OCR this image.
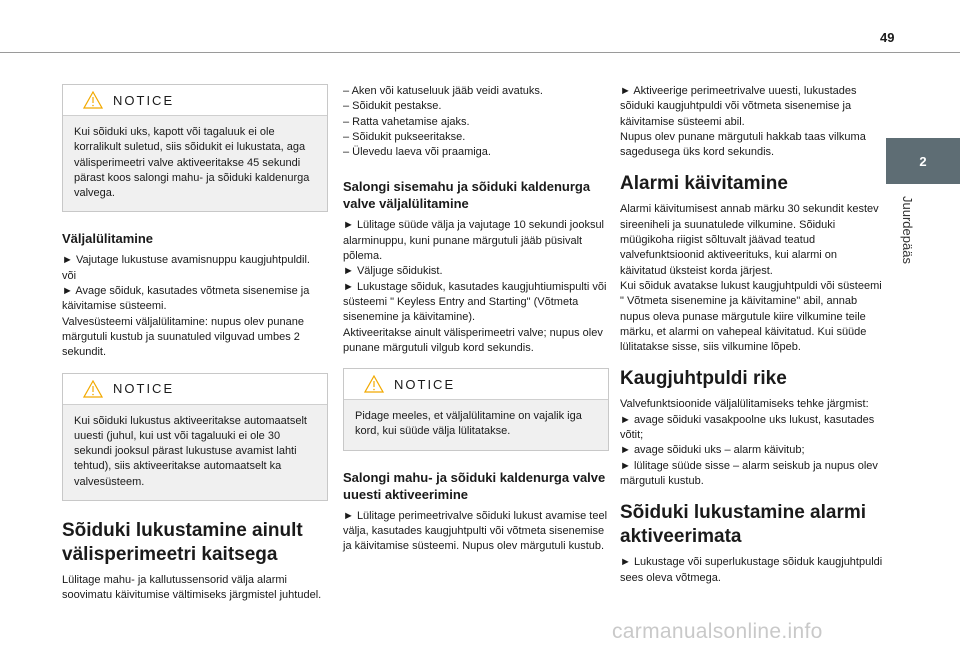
49
2
Juurdepääs
NOTICE

Kui sõiduki uks, kapott või tagaluuk ei ole korralikult suletud, siis sõidukit ei lukustata, aga välisperimeetri valve aktiveeritakse 45 sekundi pärast koos salongi mahu- ja sõiduki kaldenurga valvega.

Väljalülitamine

► Vajutage lukustuse avamisnuppu kaugjuhtpuldil.

või

► Avage sõiduk, kasutades võtmeta sisenemise ja käivitamise süsteemi.

Valvesüsteemi väljalülitamine: nupus olev punane märgutuli kustub ja suunatuled vilguvad umbes 2 sekundit.

NOTICE

Kui sõiduki lukustus aktiveeritakse automaatselt uuesti (juhul, kui ust või tagaluuki ei ole 30 sekundi jooksul pärast lukustuse avamist lahti tehtud), siis aktiveeritakse automaatselt ka valvesüsteem.

Sõiduki lukustamine ainult välisperimeetri kaitsega

Lülitage mahu- ja kallutussensorid välja alarmi soovimatu käivitumise vältimiseks järgmistel juhtudel.

– Aken või katuseluuk jääb veidi avatuks.

– Sõidukit pestakse.

– Ratta vahetamise ajaks.

– Sõidukit pukseeritakse.

– Ülevedu laeva või praamiga.

Salongi sisemahu ja sõiduki kaldenurga valve väljalülitamine

► Lülitage süüde välja ja vajutage 10 sekundi jooksul alarminuppu, kuni punane märgutuli jääb püsivalt põlema.

► Väljuge sõidukist.

► Lukustage sõiduk, kasutades kaugjuhtiumispulti või süsteemi " Keyless Entry and Starting" (Võtmeta sisenemine ja käivitamine).

Aktiveeritakse ainult välisperimeetri valve; nupus olev punane märgutuli vilgub kord sekundis.

NOTICE

Pidage meeles, et väljalülitamine on vajalik iga kord, kui süüde välja lülitatakse.

Salongi mahu- ja sõiduki kaldenurga valve uuesti aktiveerimine

► Lülitage perimeetrivalve sõiduki lukust avamise teel välja, kasutades kaugjuhtpulti või võtmeta sisenemise ja käivitamise süsteemi. Nupus olev märgutuli kustub.

► Aktiveerige perimeetrivalve uuesti, lukustades sõiduki kaugjuhtpuldi või võtmeta sisenemise ja käivitamise süsteemi abil.

Nupus olev punane märgutuli hakkab taas vilkuma sagedusega üks kord sekundis.

Alarmi käivitamine

Alarmi käivitumisest annab märku 30 sekundit kestev sireeniheli ja suunatulede vilkumine. Sõiduki müügikoha riigist sõltuvalt jäävad teatud valvefunktsioonid aktiveerituks, kui alarmi on käivitatud üksteist korda järjest.

Kui sõiduk avatakse lukust kaugjuhtpuldi või süsteemi " Võtmeta sisenemine ja käivitamine" abil, annab nupus oleva punase märgutule kiire vilkumine teile märku, et alarmi on vahepeal käivitatud. Kui süüde lülitatakse sisse, siis vilkumine lõpeb.

Kaugjuhtpuldi rike

Valvefunktsioonide väljalülitamiseks tehke järgmist:

► avage sõiduki vasakpoolne uks lukust, kasutades võtit;

► avage sõiduki uks – alarm käivitub;

► lülitage süüde sisse – alarm seiskub ja nupus olev märgutuli kustub.

Sõiduki lukustamine alarmi aktiveerimata

► Lukustage või superlukustage sõiduk kaugjuhtpuldi sees oleva võtmega.

carmanualsonline.info
